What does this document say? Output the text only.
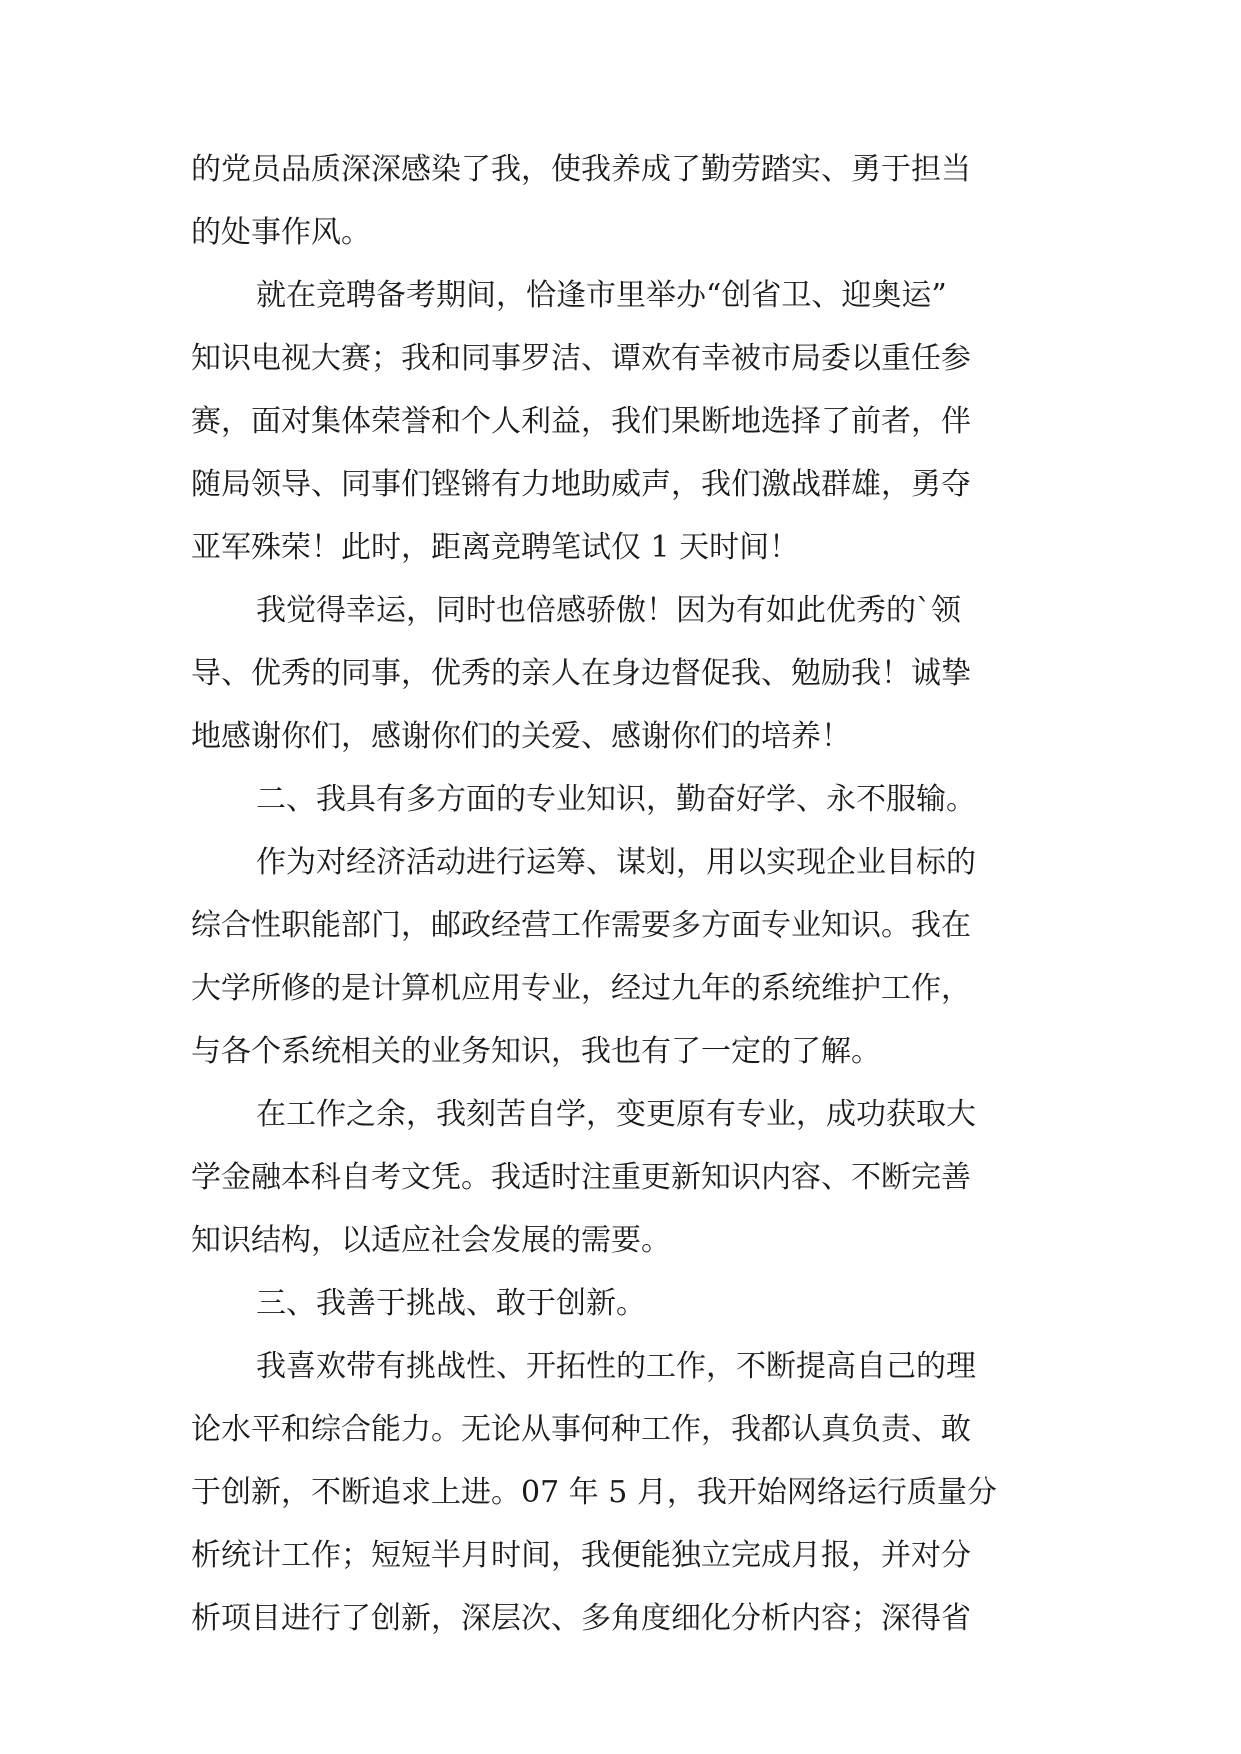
的党员品质深深感染了我，使我养成了勤劳踏实、勇于担当
的处事作风。
就在竞聘备考期间，恰逢市里举办“创省卫、迎奥运”
知识电视大赛；我和同事罗洁、谭欢有幸被市局委以重任参
赛，面对集体荣誉和个人利益，我们果断地选择了前者，伴
随局领导、同事们铿锵有力地助威声，我们激战群雄，勇夺
亚军殊荣！此时，距离竞聘笔试仅 1 天时间！
我觉得幸运，同时也倍感骄傲！因为有如此优秀的`领
导、优秀的同事，优秀的亲人在身边督促我、勉励我！诚挚
地感谢你们，感谢你们的关爱、感谢你们的培养！
二、我具有多方面的专业知识，勤奋好学、永不服输。
作为对经济活动进行运筹、谋划，用以实现企业目标的
综合性职能部门，邮政经营工作需要多方面专业知识。我在
大学所修的是计算机应用专业，经过九年的系统维护工作，
与各个系统相关的业务知识，我也有了一定的了解。
在工作之余，我刻苦自学，变更原有专业，成功获取大
学金融本科自考文凭。我适时注重更新知识内容、不断完善
知识结构，以适应社会发展的需要。
三、我善于挑战、敢于创新。
我喜欢带有挑战性、开拓性的工作，不断提高自己的理
论水平和综合能力。无论从事何种工作，我都认真负责、敢
于创新，不断追求上进。07 年 5 月，我开始网络运行质量分
析统计工作；短短半月时间，我便能独立完成月报，并对分
析项目进行了创新，深层次、多角度细化分析内容；深得省
